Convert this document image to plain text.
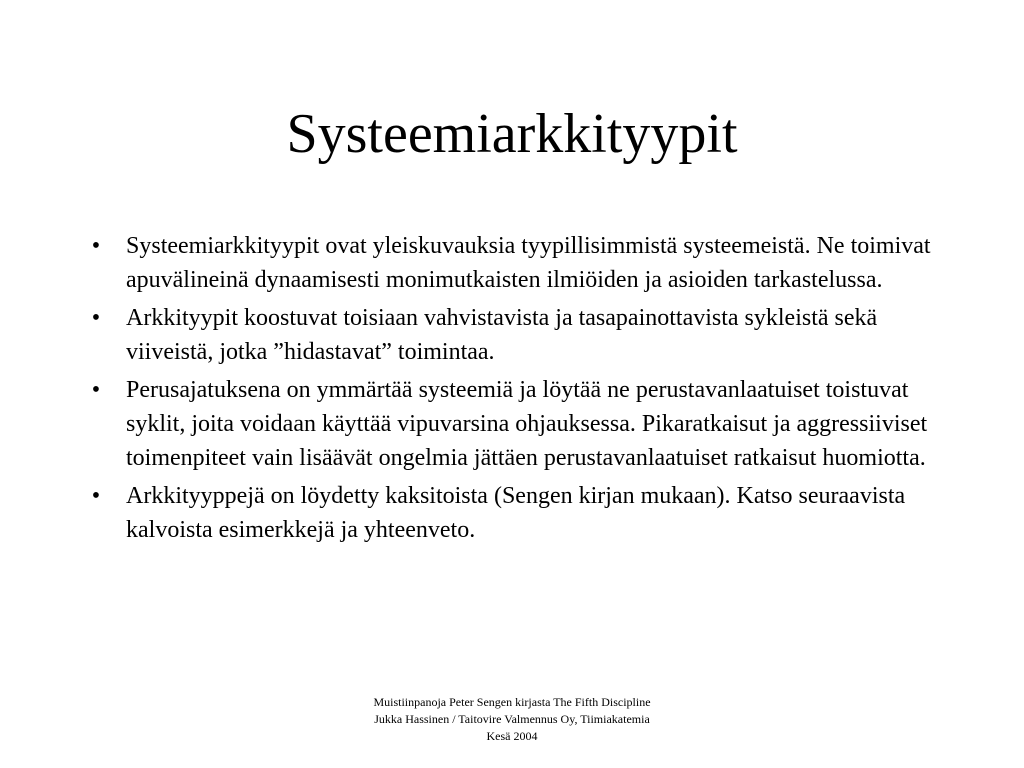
Systeemiarkkityypit
• Systeemiarkkityypit ovat yleiskuvauksia tyypillisimmistä systeemeistä. Ne toimivat apuvälineinä dynaamisesti monimutkaisten ilmiöiden ja asioiden tarkastelussa.
• Arkkityypit koostuvat toisiaan vahvistavista ja tasapainottavista sykleistä sekä viiveistä, jotka ”hidastavat” toimintaa.
• Perusajatuksena on ymmärtää systeemiä ja löytää ne perustavanlaatuiset toistuvat syklit, joita voidaan käyttää vipuvarsina ohjauksessa. Pikaratkaisut ja aggressiiviset toimenpiteet vain lisäävät ongelmia jättäen perustavanlaatuiset ratkaisut huomiotta.
• Arkkityyppejä on löydetty kaksitoista (Sengen kirjan mukaan). Katso seuraavista kalvoista esimerkkejä ja yhteenveto.
Muistiinpanoja Peter Sengen kirjasta The Fifth Discipline
Jukka Hassinen / Taitovire Valmennus Oy, Tiimiakatemia
Kesä 2004
